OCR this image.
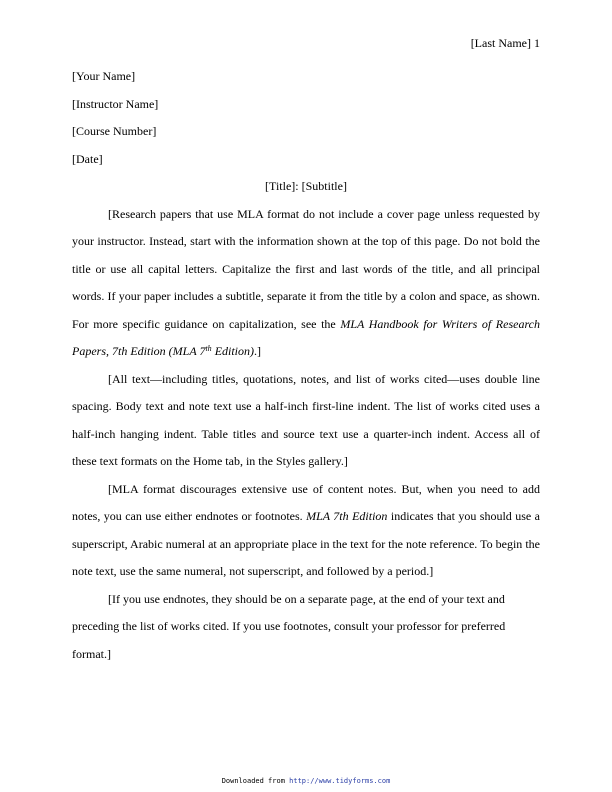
[Last Name] 1

[Your Name]

[Instructor Name]

[Course Number]

[Date]

[Title]: [Subtitle]

[Research papers that use MLA format do not include a cover page unless requested by your instructor. Instead, start with the information shown at the top of this page. Do not bold the title or use all capital letters. Capitalize the first and last words of the title, and all principal words. If your paper includes a subtitle, separate it from the title by a colon and space, as shown. For more specific guidance on capitalization, see the MLA Handbook for Writers of Research Papers, 7th Edition (MLA 7th Edition).]

[All text—including titles, quotations, notes, and list of works cited—uses double line spacing. Body text and note text use a half-inch first-line indent. The list of works cited uses a half-inch hanging indent. Table titles and source text use a quarter-inch indent. Access all of these text formats on the Home tab, in the Styles gallery.]

[MLA format discourages extensive use of content notes. But, when you need to add notes, you can use either endnotes or footnotes. MLA 7th Edition indicates that you should use a superscript, Arabic numeral at an appropriate place in the text for the note reference. To begin the note text, use the same numeral, not superscript, and followed by a period.]

[If you use endnotes, they should be on a separate page, at the end of your text and preceding the list of works cited. If you use footnotes, consult your professor for preferred format.]

Downloaded from http://www.tidyforms.com
